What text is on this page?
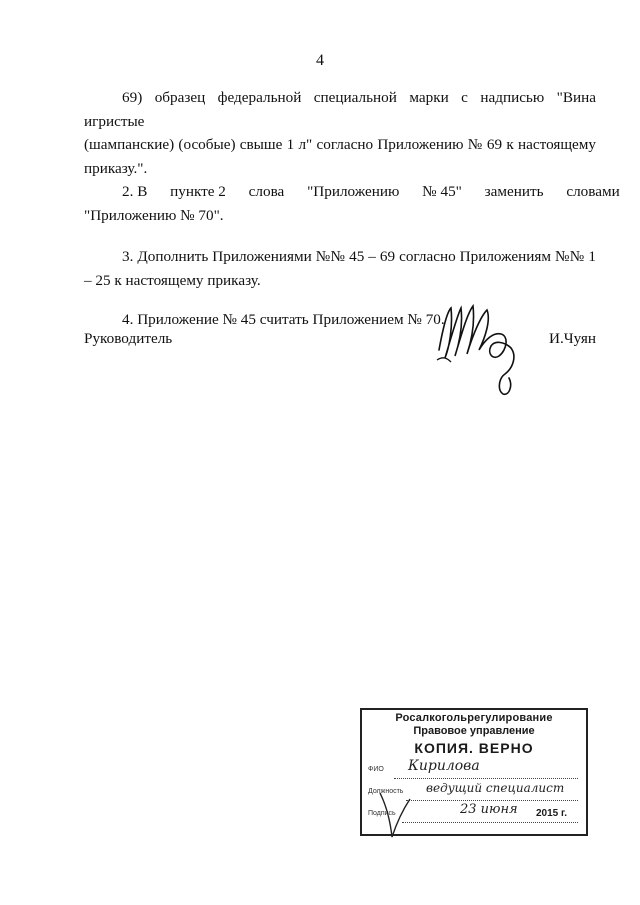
4

69) образец федеральной специальной марки с надписью "Вина игристые
(шампанские) (особые) свыше 1 л" согласно Приложению № 69 к настоящему
приказу.".

2. В      пункте 2      слова      "Приложению      № 45"      заменить      словами
"Приложению № 70".

3. Дополнить Приложениями №№ 45 – 69 согласно Приложениям №№ 1
– 25 к настоящему приказу.

4. Приложение № 45 считать Приложением № 70.

Руководитель	И.Чуян
Росалкогольрегулирование
Правовое управление
КОПИЯ. ВЕРНО
ФИО Кирилова
Должность ведущий специалист
Подпись	23 июня 2015 г.
